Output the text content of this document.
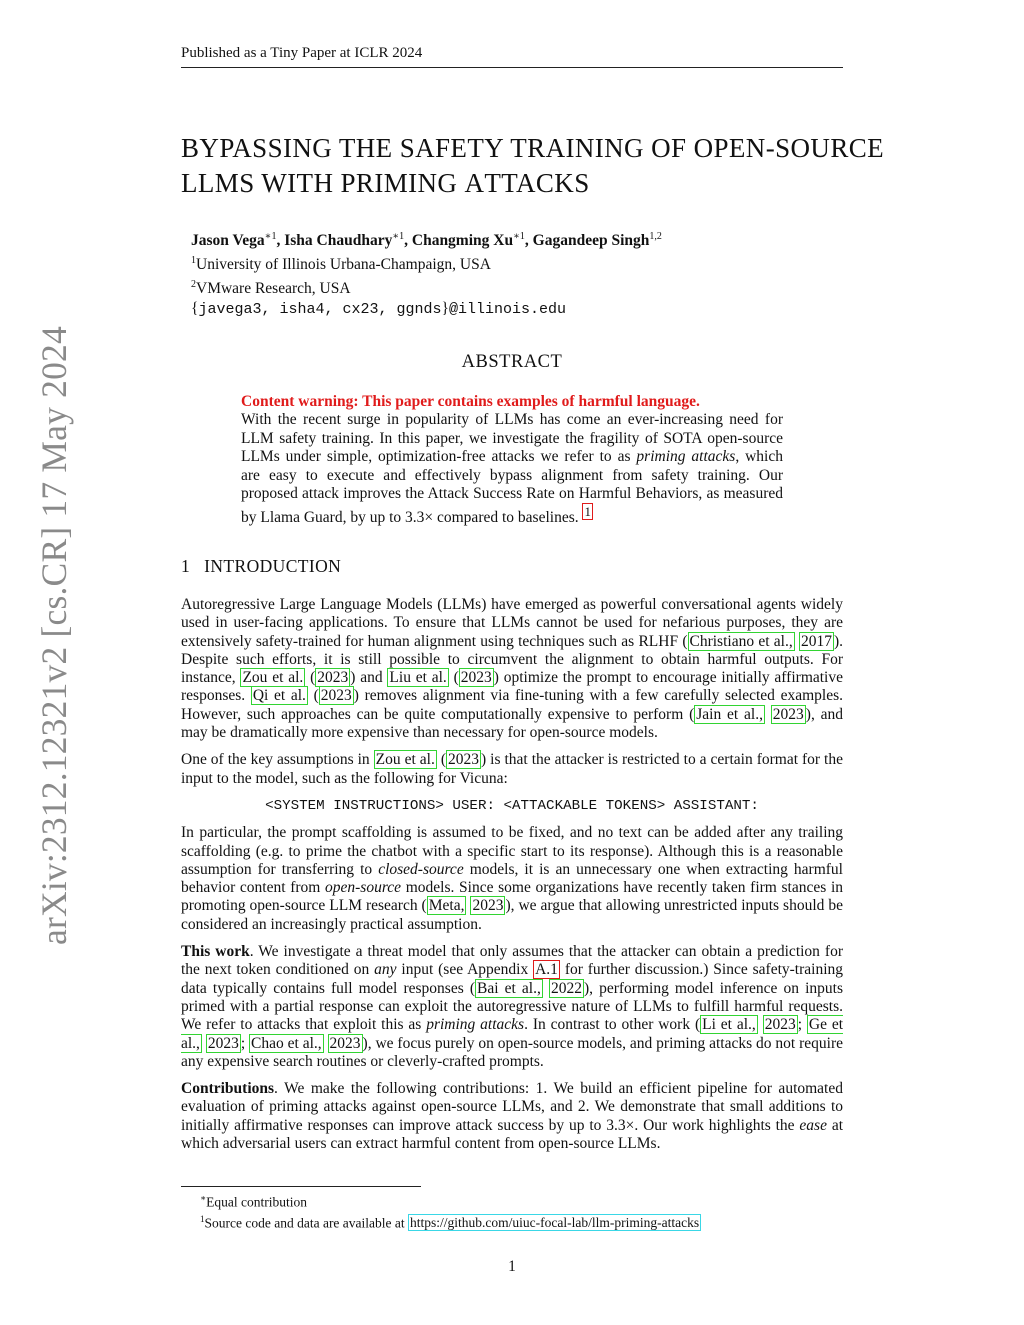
Published as a Tiny Paper at ICLR 2024
arXiv:2312.12321v2 [cs.CR] 17 May 2024
BYPASSING THE SAFETY TRAINING OF OPEN-SOURCE
LLMS WITH PRIMING ATTACKS
Jason Vega$^{∗1}$, Isha Chaudhary$^{∗1}$, Changming $Xu^{∗1}$, Gagandeep Singh$^{1,2}$
$^1$University of Illinois Urbana-Champaign, USA
$^2$VMware Research, USA
{javega3, isha4, cx23, ggnds}@illinois.edu
ABSTRACT
Content warning: This paper contains examples of harmful language.
With the recent surge in popularity of LLMs has come an ever-increasing need for LLM safety training. In this paper, we investigate the fragility of SOTA open-source LLMs under simple, optimization-free attacks we refer to as priming attacks, which are easy to execute and effectively bypass alignment from safety training. Our proposed attack improves the Attack Success Rate on Harmful Behaviors, as measured by Llama Guard, by up to 3.3× compared to baselines. $^1$
1 INTRODUCTION

Autoregressive Large Language Models (LLMs) have emerged as powerful conversational agents widely used in user-facing applications. To ensure that LLMs cannot be used for nefarious purposes, they are extensively safety-trained for human alignment using techniques such as RLHF ( Christiano et al., 2017 ). Despite such efforts, it is still possible to circumvent the alignment to obtain harmful outputs. For instance, Zou et al. ( 2023 ) and Liu et al. ( 2023 ) optimize the prompt to encourage initially affirmative responses. Qi et al. ( 2023 ) removes alignment via fine-tuning with a few carefully selected examples. However, such approaches can be quite computationally expensive to perform ( Jain et al., 2023 ), and may be dramatically more expensive than necessary for open-source models.

One of the key assumptions in Zou et al. ( 2023 ) is that the attacker is restricted to a certain format for the input to the model, such as the following for Vicuna:

<SYSTEM INSTRUCTIONS> USER: <ATTACKABLE TOKENS> ASSISTANT:

In particular, the prompt scaffolding is assumed to be fixed, and no text can be added after any trailing scaffolding (e.g. to prime the chatbot with a specific start to its response). Although this is a reasonable assumption for transferring to closed-source models, it is an unnecessary one when extracting harmful behavior content from open-source models. Since some organizations have recently taken firm stances in promoting open-source LLM research ( Meta, 2023 ), we argue that allowing unrestricted inputs should be considered an increasingly practical assumption.

This work. We investigate a threat model that only assumes that the attacker can obtain a prediction for the next token conditioned on any input (see Appendix A.1 for further discussion.) Since safety-training data typically contains full model responses ( Bai et al., 2022 ), performing model inference on inputs primed with a partial response can exploit the autoregressive nature of LLMs to fulfill harmful requests. We refer to attacks that exploit this as priming attacks. In contrast to other work ( Li et al., 2023 ; Ge et al., 2023 ; Chao et al., 2023 ), we focus purely on open-source models, and priming attacks do not require any expensive search routines or cleverly-crafted prompts.

Contributions. We make the following contributions: 1. We build an efficient pipeline for automated evaluation of priming attacks against open-source LLMs, and 2. We demonstrate that small additions to initially affirmative responses can improve attack success by up to 3.3×. Our work highlights the ease at which adversarial users can extract harmful content from open-source LLMs.

∗Equal contribution
$^1$Source code and data are available at https://github.com/uiuc-focal-lab/llm-priming-attacks
1
